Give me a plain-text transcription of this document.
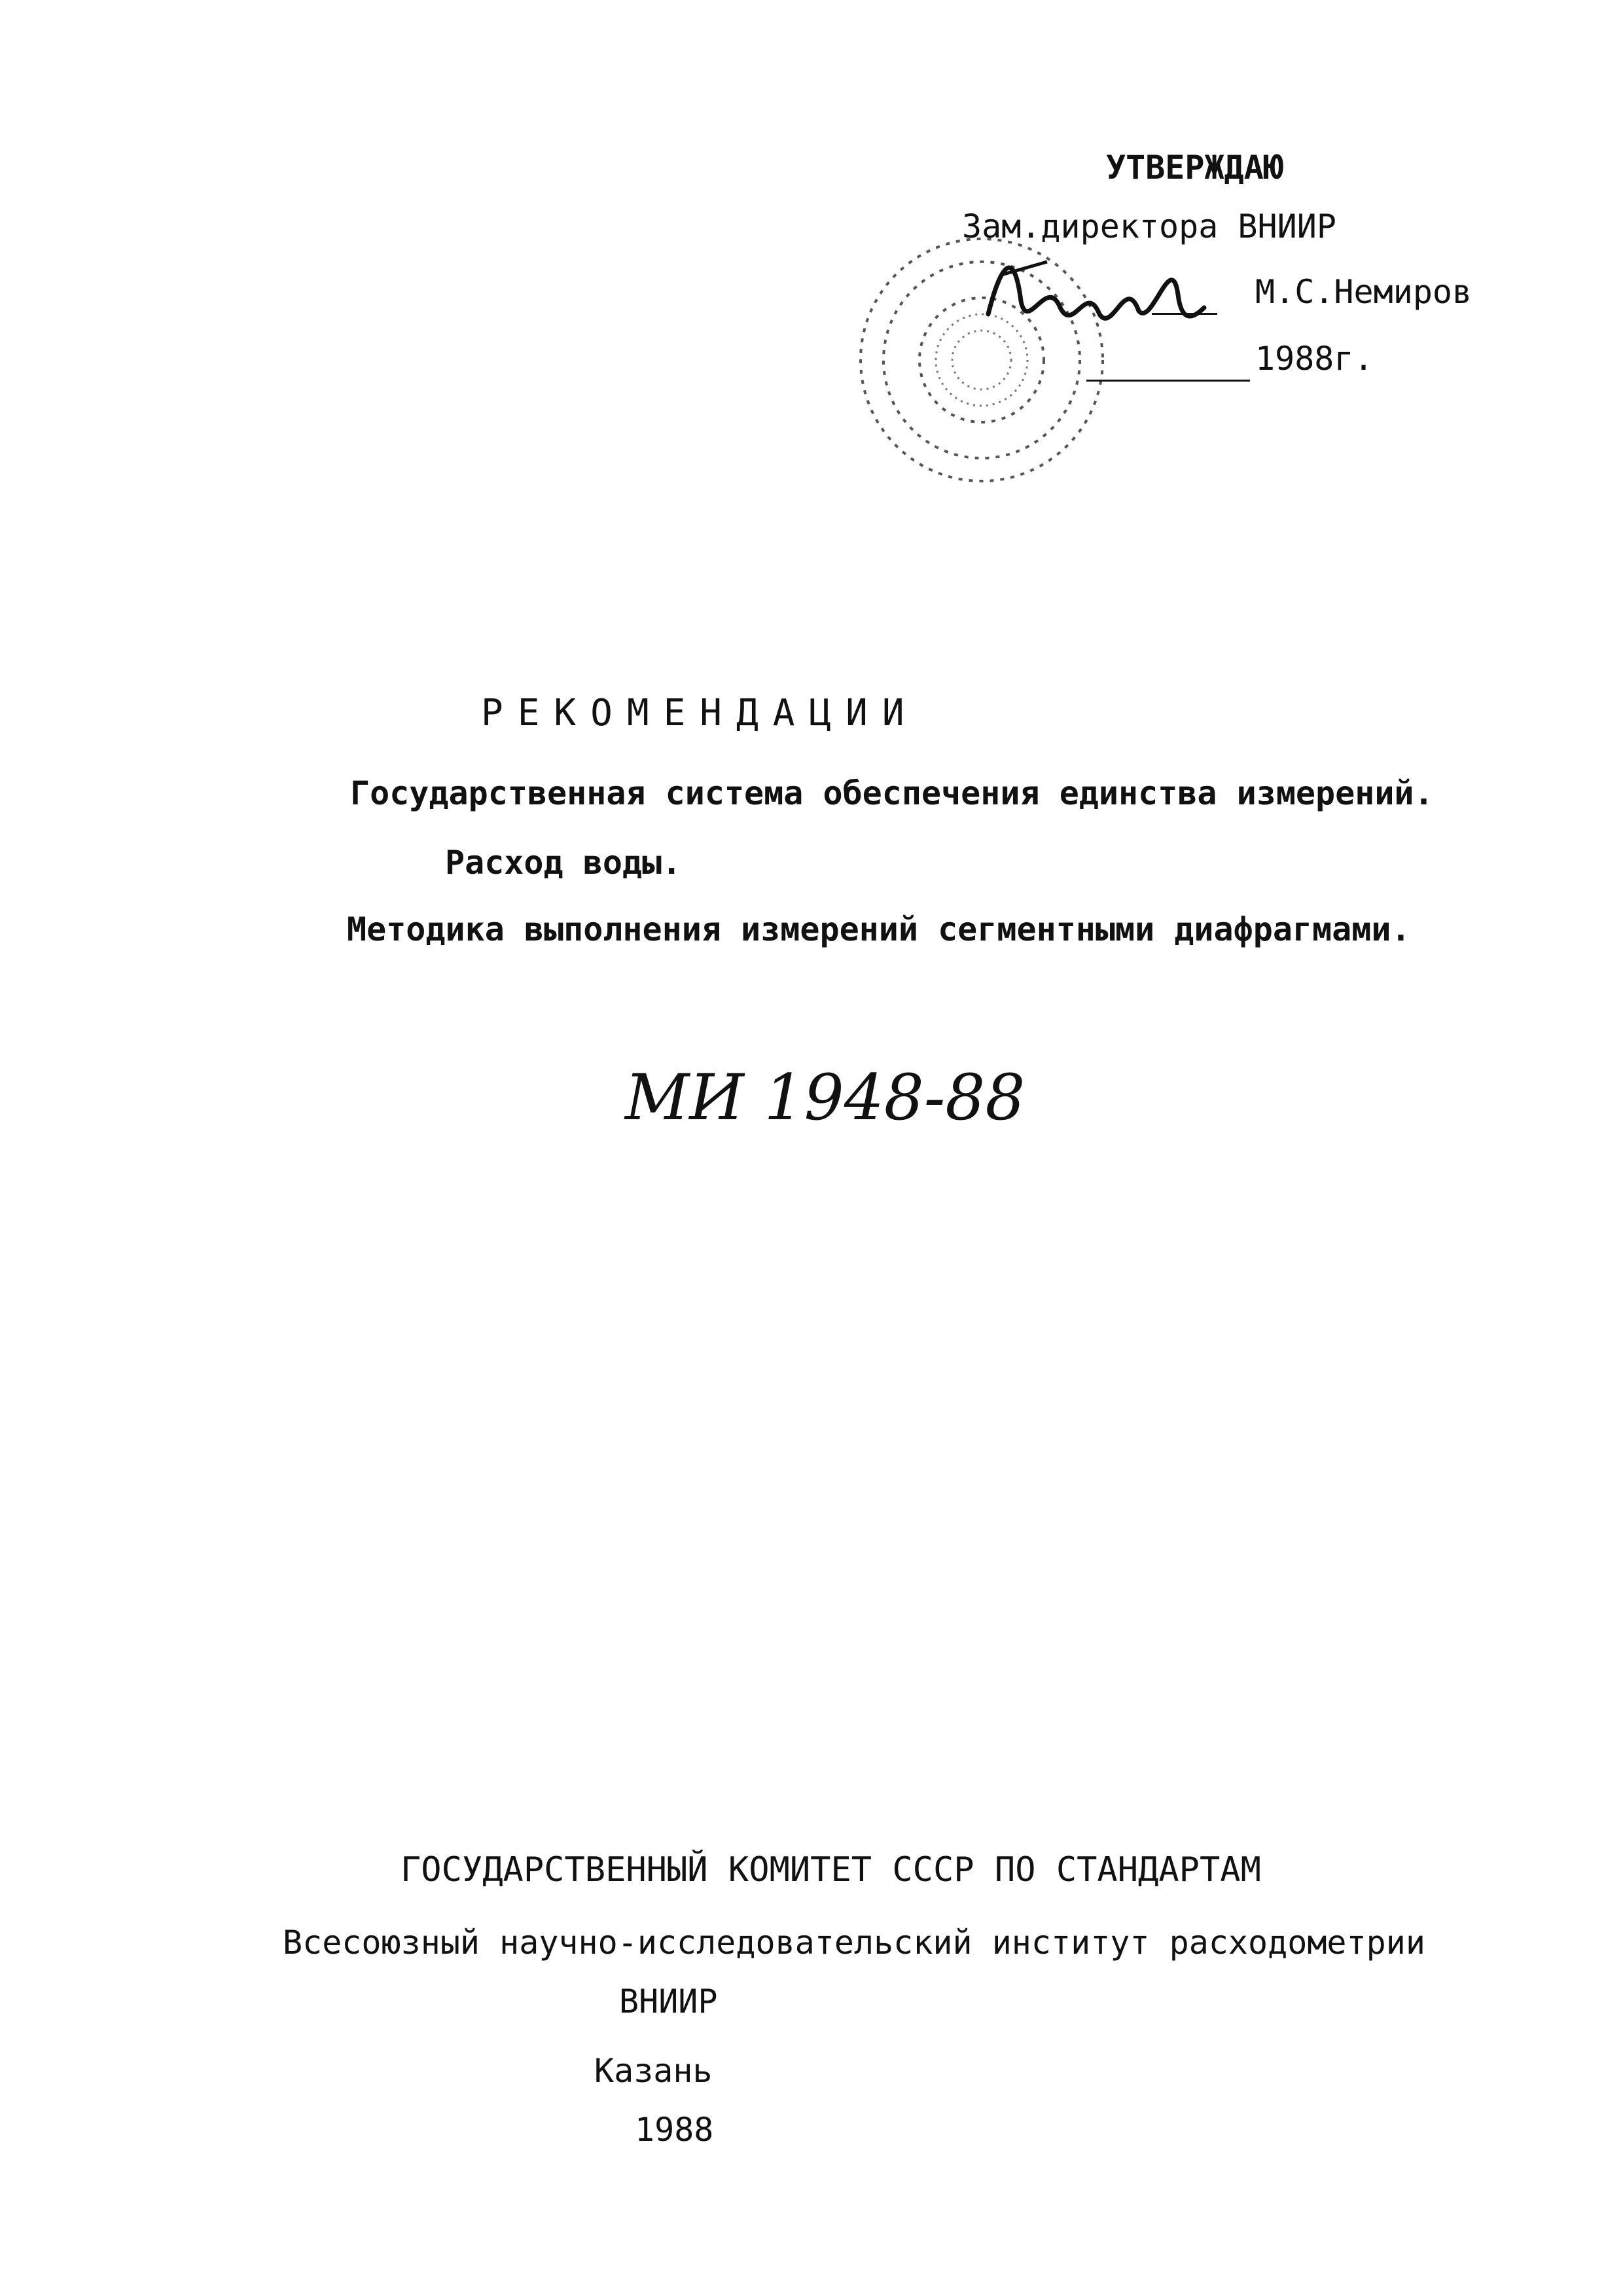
УТВЕРЖДАЮ
Зам.директора ВНИИР
М.С.Немиров
1988г.
РЕКОМЕНДАЦИИ
Государственная система обеспечения единства измерений.
Расход воды.
Методика выполнения измерений сегментными диафрагмами.
МИ 1948-88
ГОСУДАРСТВЕННЫЙ КОМИТЕТ СССР ПО СТАНДАРТАМ
Всесоюзный научно-исследовательский институт расходометрии
ВНИИР
Казань
1988
